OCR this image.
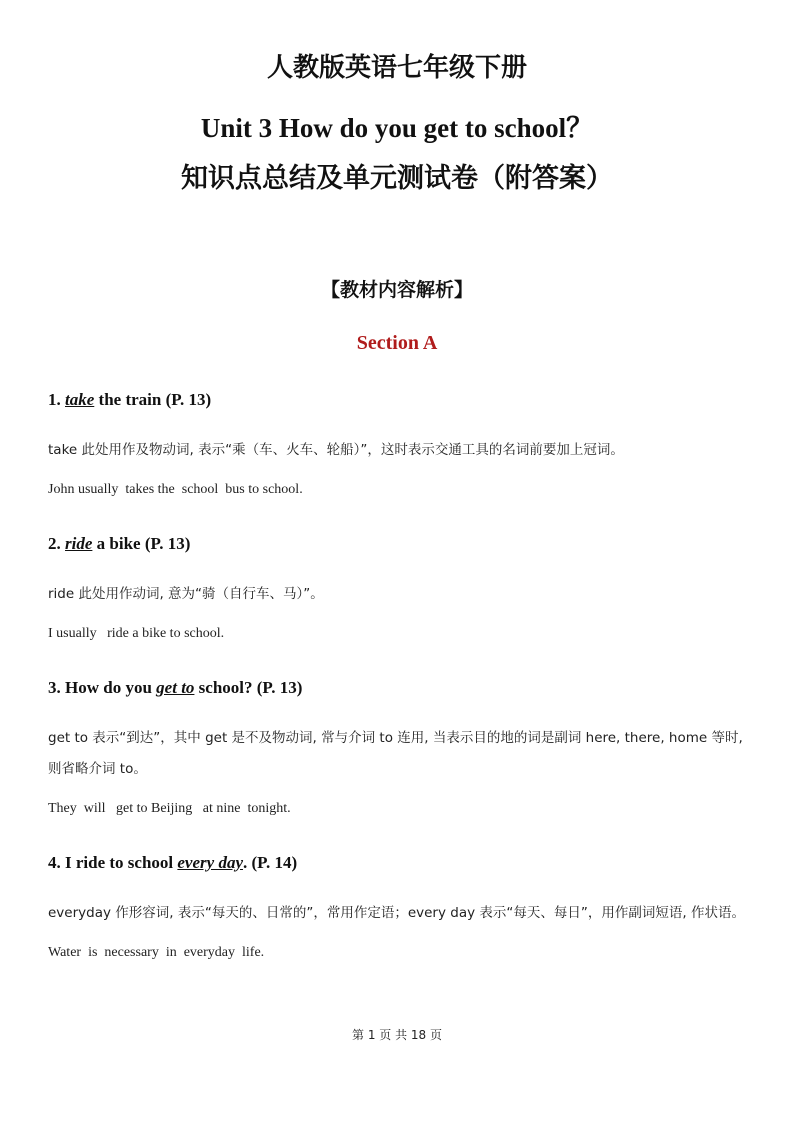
人教版英语七年级下册
Unit 3 How do you get to school？
知识点总结及单元测试卷（附答案）
【教材内容解析】
Section A
1. take the train (P. 13)
take 此处用作及物动词, 表示“乘（车、火车、轮船）”，这时表示交通工具的名词前要加上冠词。
John usually  takes the  school  bus to school.
2. ride a bike (P. 13)
ride 此处用作动词, 意为“骑（自行车、马）”。
I usually   ride a bike to school.
3. How do you get to school? (P. 13)
get to 表示“到达”，其中 get 是不及物动词, 常与介词 to 连用, 当表示目的地的词是副词 here, there, home 等时, 则省略介词 to。
They  will   get to Beijing   at nine  tonight.
4. I ride to school every day. (P. 14)
everyday 作形容词, 表示“每天的、日常的”，常用作定语；every day 表示“每天、每日”，用作副词短语, 作状语。
Water  is  necessary  in  everyday  life.
第 1 页 共 18 页
